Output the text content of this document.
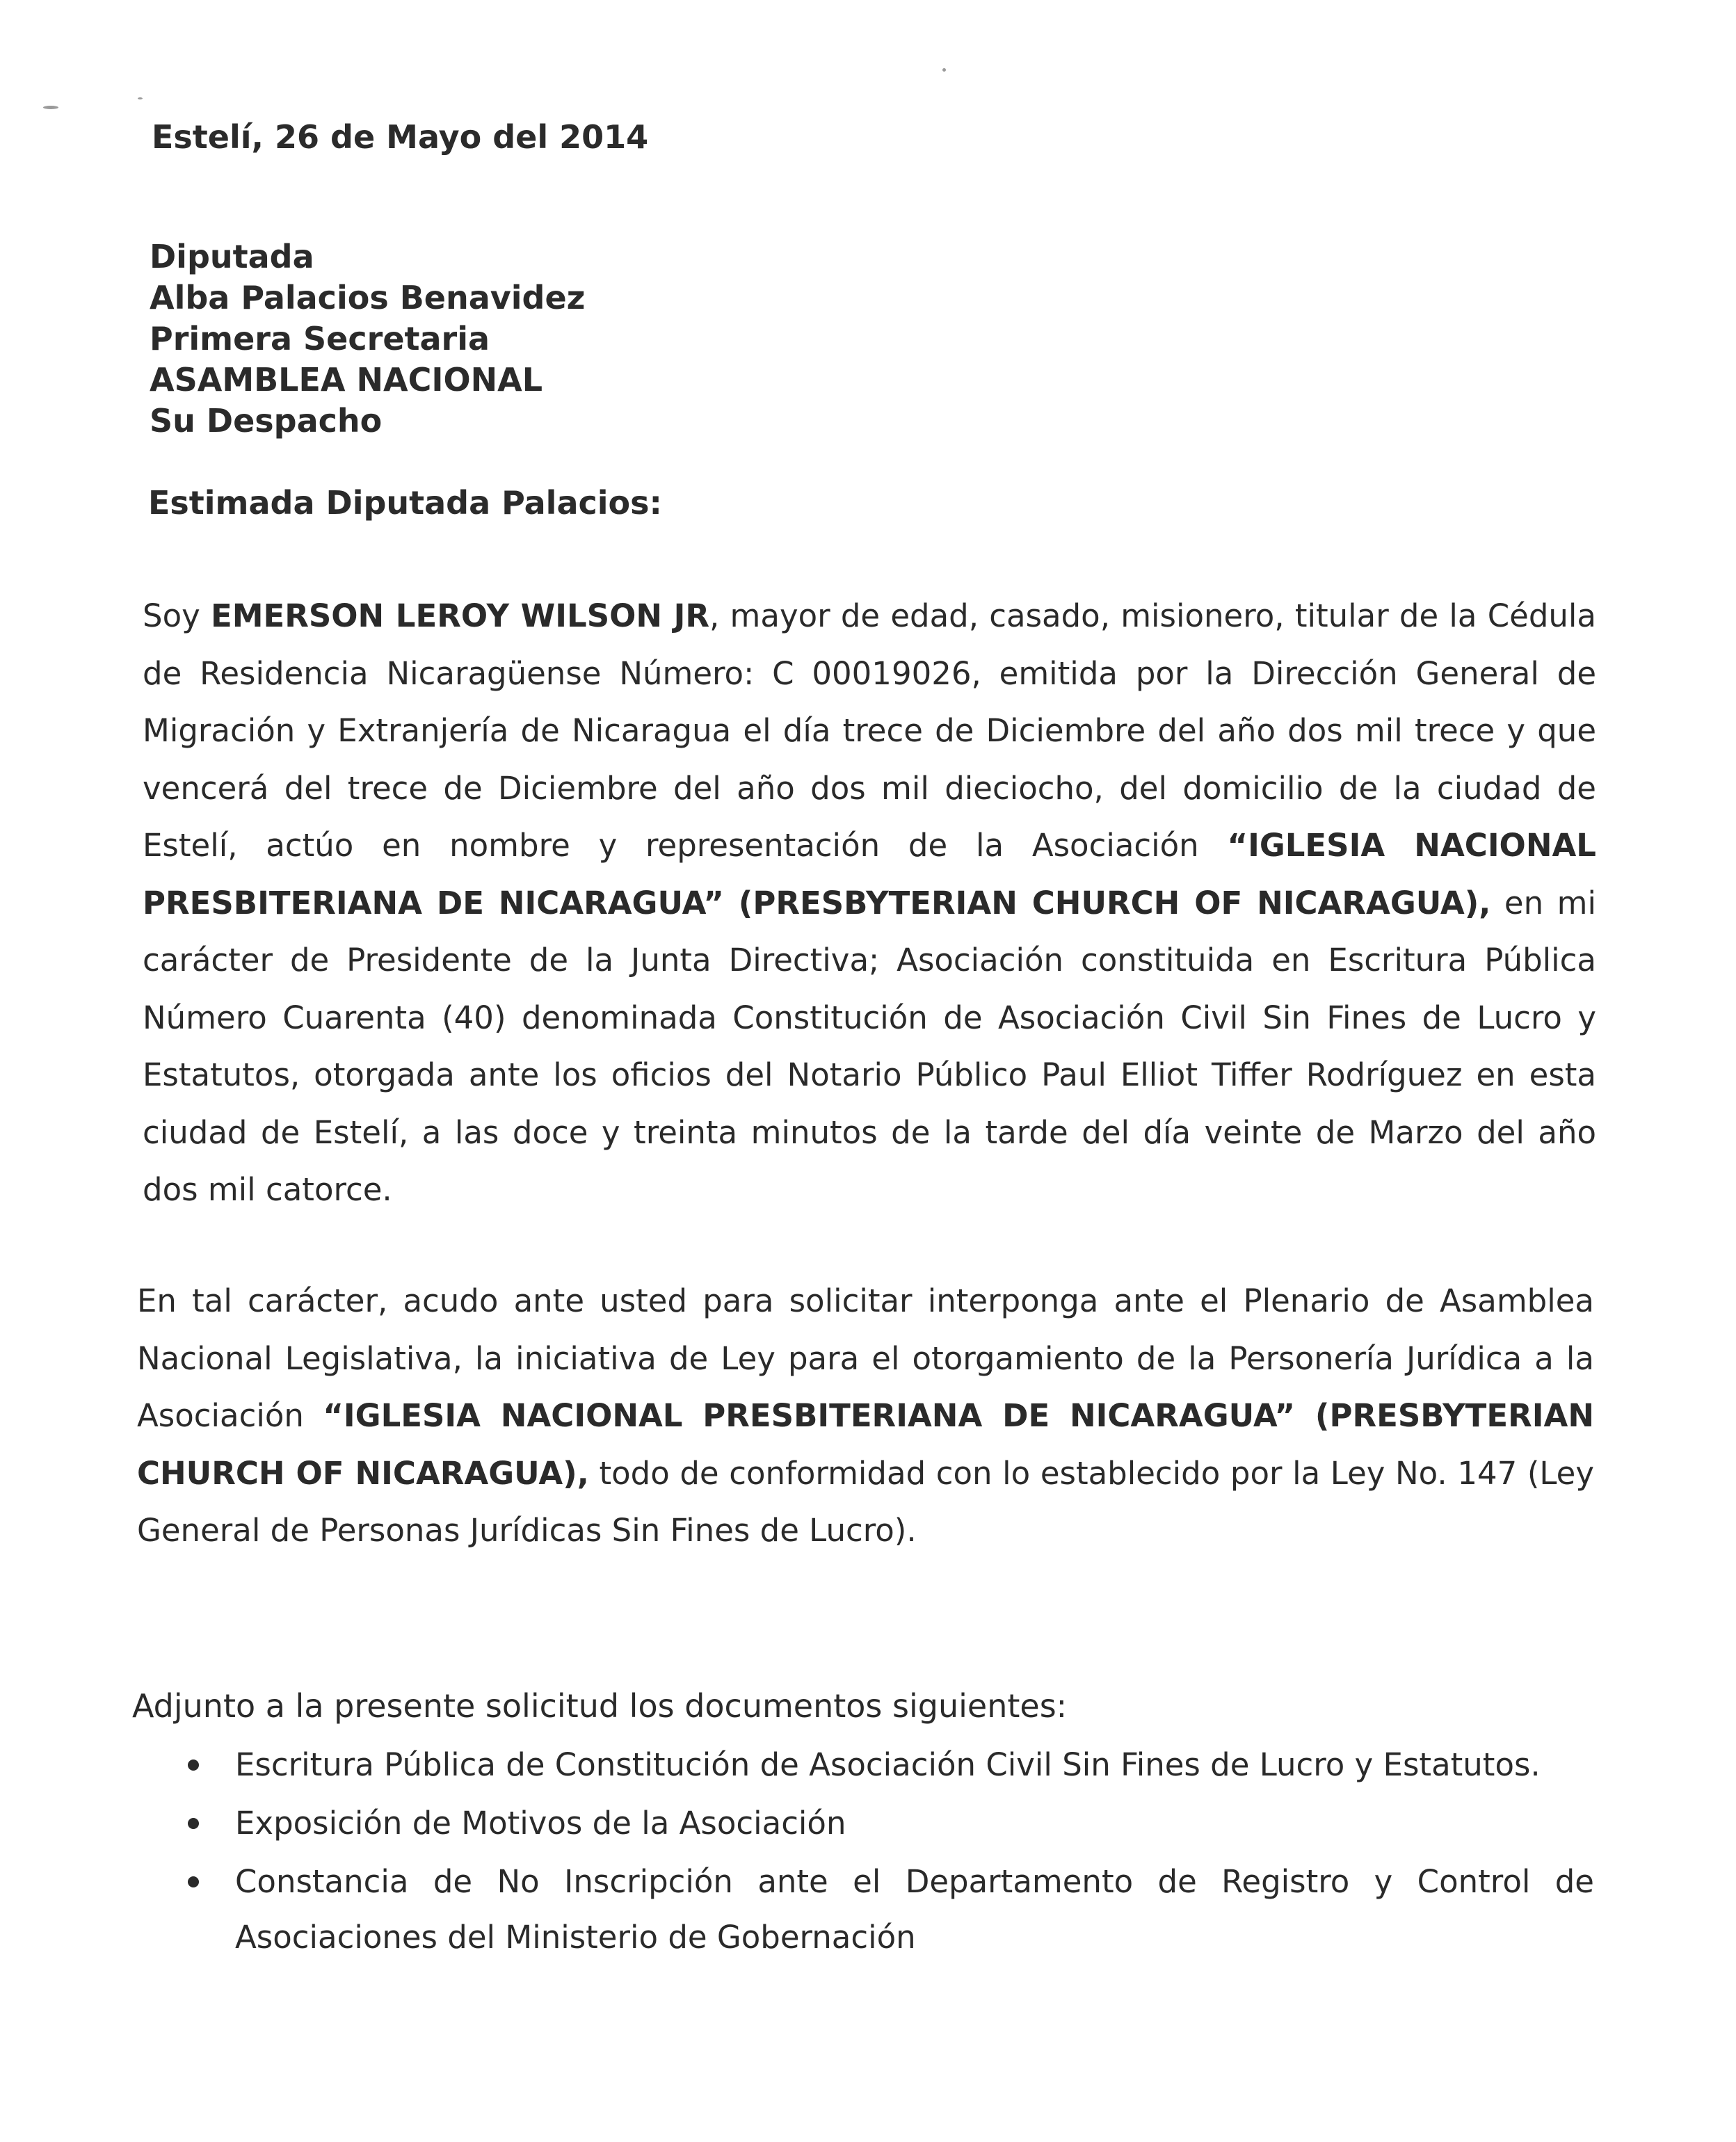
Estelí, 26 de Mayo del 2014
Diputada
Alba Palacios Benavidez
Primera Secretaria
ASAMBLEA NACIONAL
Su Despacho
Estimada Diputada Palacios:

Soy EMERSON LEROY WILSON JR, mayor de edad, casado, misionero, titular de la Cédula de Residencia Nicaragüense Número: C 00019026, emitida por la Dirección General de Migración y Extranjería de Nicaragua el día trece de Diciembre del año dos mil trece y que vencerá del trece de Diciembre del año dos mil dieciocho, del domicilio de la ciudad de Estelí, actúo en nombre y representación de la Asociación “IGLESIA NACIONAL PRESBITERIANA DE NICARAGUA” (PRESBYTERIAN CHURCH OF NICARAGUA), en mi carácter de Presidente de la Junta Directiva; Asociación constituida en Escritura Pública Número Cuarenta (40) denominada Constitución de Asociación Civil Sin Fines de Lucro y Estatutos, otorgada ante los oficios del Notario Público Paul Elliot Tiffer Rodríguez en esta ciudad de Estelí, a las doce y treinta minutos de la tarde del día veinte de Marzo del año dos mil catorce.

En tal carácter, acudo ante usted para solicitar interponga ante el Plenario de Asamblea Nacional Legislativa, la iniciativa de Ley para el otorgamiento de la Personería Jurídica a la Asociación “IGLESIA NACIONAL PRESBITERIANA DE NICARAGUA” (PRESBYTERIAN CHURCH OF NICARAGUA), todo de conformidad con lo establecido por la Ley No. 147 (Ley General de Personas Jurídicas Sin Fines de Lucro).

Adjunto a la presente solicitud los documentos siguientes:
Escritura Pública de Constitución de Asociación Civil Sin Fines de Lucro y Estatutos.
Exposición de Motivos de la Asociación
Constancia de No Inscripción ante el Departamento de Registro y Control de Asociaciones del Ministerio de Gobernación
